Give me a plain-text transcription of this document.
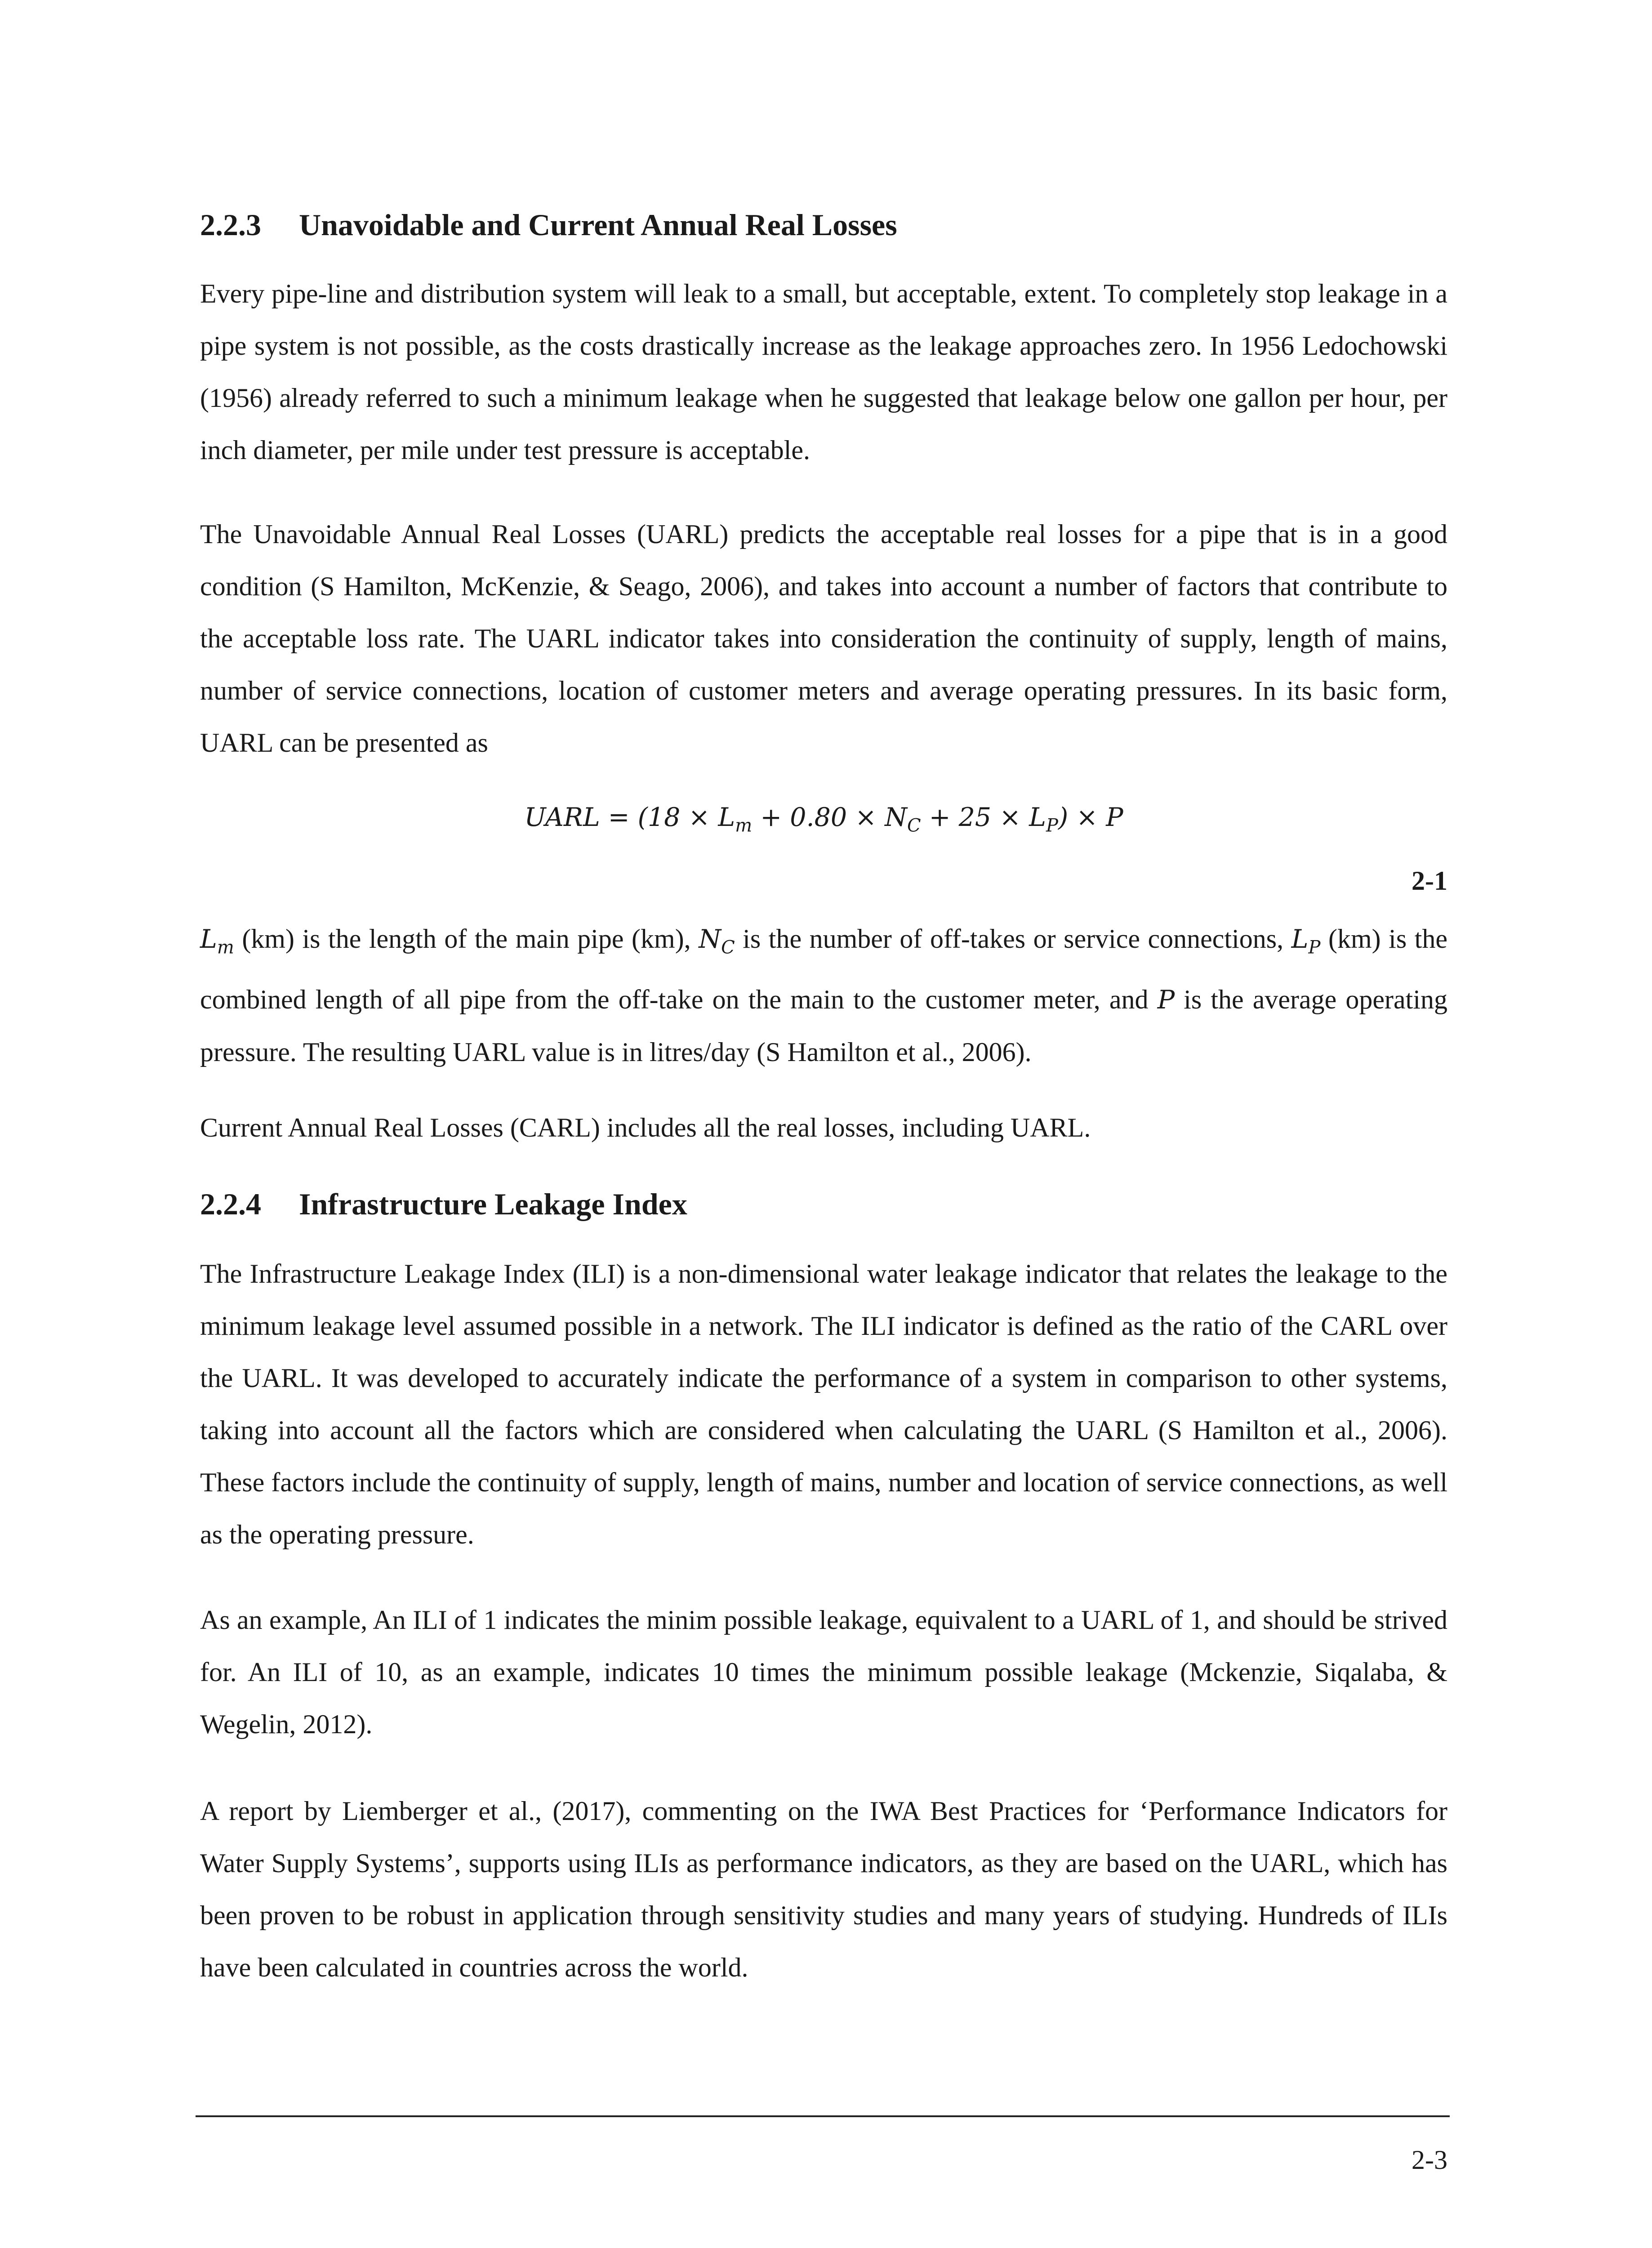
2.2.3	Unavoidable and Current Annual Real Losses

Every pipe-line and distribution system will leak to a small, but acceptable, extent. To completely stop leakage in a pipe system is not possible, as the costs drastically increase as the leakage approaches zero. In 1956 Ledochowski (1956) already referred to such a minimum leakage when he suggested that leakage below one gallon per hour, per inch diameter, per mile under test pressure is acceptable.

The Unavoidable Annual Real Losses (UARL) predicts the acceptable real losses for a pipe that is in a good condition (S Hamilton, McKenzie, & Seago, 2006), and takes into account a number of factors that contribute to the acceptable loss rate. The UARL indicator takes into consideration the continuity of supply, length of mains, number of service connections, location of customer meters and average operating pressures. In its basic form, UARL can be presented as

UARL = $(18 \times L_m + 0.80 \times N_C + 25 \times L_P) \times P$
2-1

$L_m$ (km) is the length of the main pipe (km), $N_C$ is the number of off-takes or service connections, $L_P$ (km) is the combined length of all pipe from the off-take on the main to the customer meter, and P is the average operating pressure. The resulting UARL value is in litres/day (S Hamilton et al., 2006).

Current Annual Real Losses (CARL) includes all the real losses, including UARL.

2.2.4	Infrastructure Leakage Index

The Infrastructure Leakage Index (ILI) is a non-dimensional water leakage indicator that relates the leakage to the minimum leakage level assumed possible in a network. The ILI indicator is defined as the ratio of the CARL over the UARL. It was developed to accurately indicate the performance of a system in comparison to other systems, taking into account all the factors which are considered when calculating the UARL (S Hamilton et al., 2006). These factors include the continuity of supply, length of mains, number and location of service connections, as well as the operating pressure.

As an example, An ILI of 1 indicates the minim possible leakage, equivalent to a UARL of 1, and should be strived for. An ILI of 10, as an example, indicates 10 times the minimum possible leakage (Mckenzie, Siqalaba, & Wegelin, 2012).

A report by Liemberger et al., (2017), commenting on the IWA Best Practices for ‘Performance Indicators for Water Supply Systems’, supports using ILIs as performance indicators, as they are based on the UARL, which has been proven to be robust in application through sensitivity studies and many years of studying. Hundreds of ILIs have been calculated in countries across the world.

2-3
